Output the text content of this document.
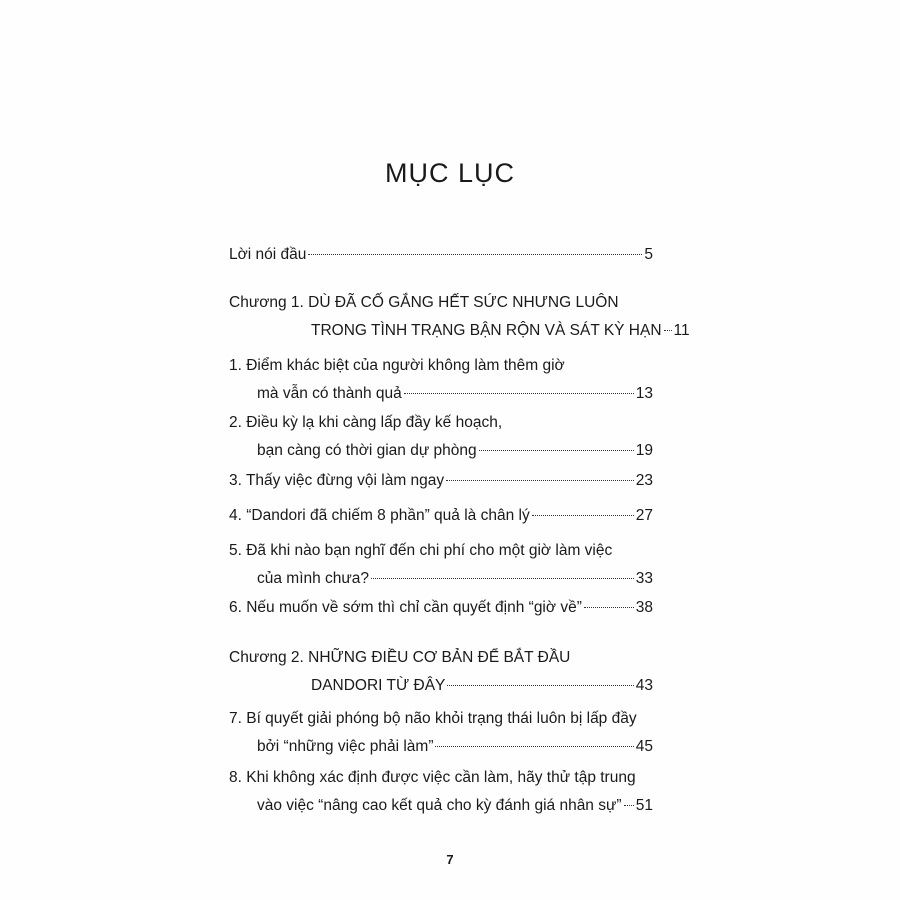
MỤC LỤC
Lời nói đầu	5
Chương 1. DÙ ĐÃ CỐ GẮNG HẾT SỨC NHƯNG LUÔN
TRONG TÌNH TRẠNG BẬN RỘN VÀ SÁT KỲ HẠN 11
1. Điểm khác biệt của người không làm thêm giờ
mà vẫn có thành quả	13
2. Điều kỳ lạ khi càng lấp đầy kế hoạch,
bạn càng có thời gian dự phòng	19
3. Thấy việc đừng vội làm ngay	23
4. “Dandori đã chiếm 8 phần” quả là chân lý	27
5. Đã khi nào bạn nghĩ đến chi phí cho một giờ làm việc
của mình chưa?	33
6. Nếu muốn về sớm thì chỉ cần quyết định “giờ về”	38
Chương 2. NHỮNG ĐIỀU CƠ BẢN ĐỂ BẮT ĐẦU
DANDORI TỪ ĐÂY	43
7. Bí quyết giải phóng bộ não khỏi trạng thái luôn bị lấp đầy
bởi “những việc phải làm”	45
8. Khi không xác định được việc cần làm, hãy thử tập trung
vào việc “nâng cao kết quả cho kỳ đánh giá nhân sự” 51
7
